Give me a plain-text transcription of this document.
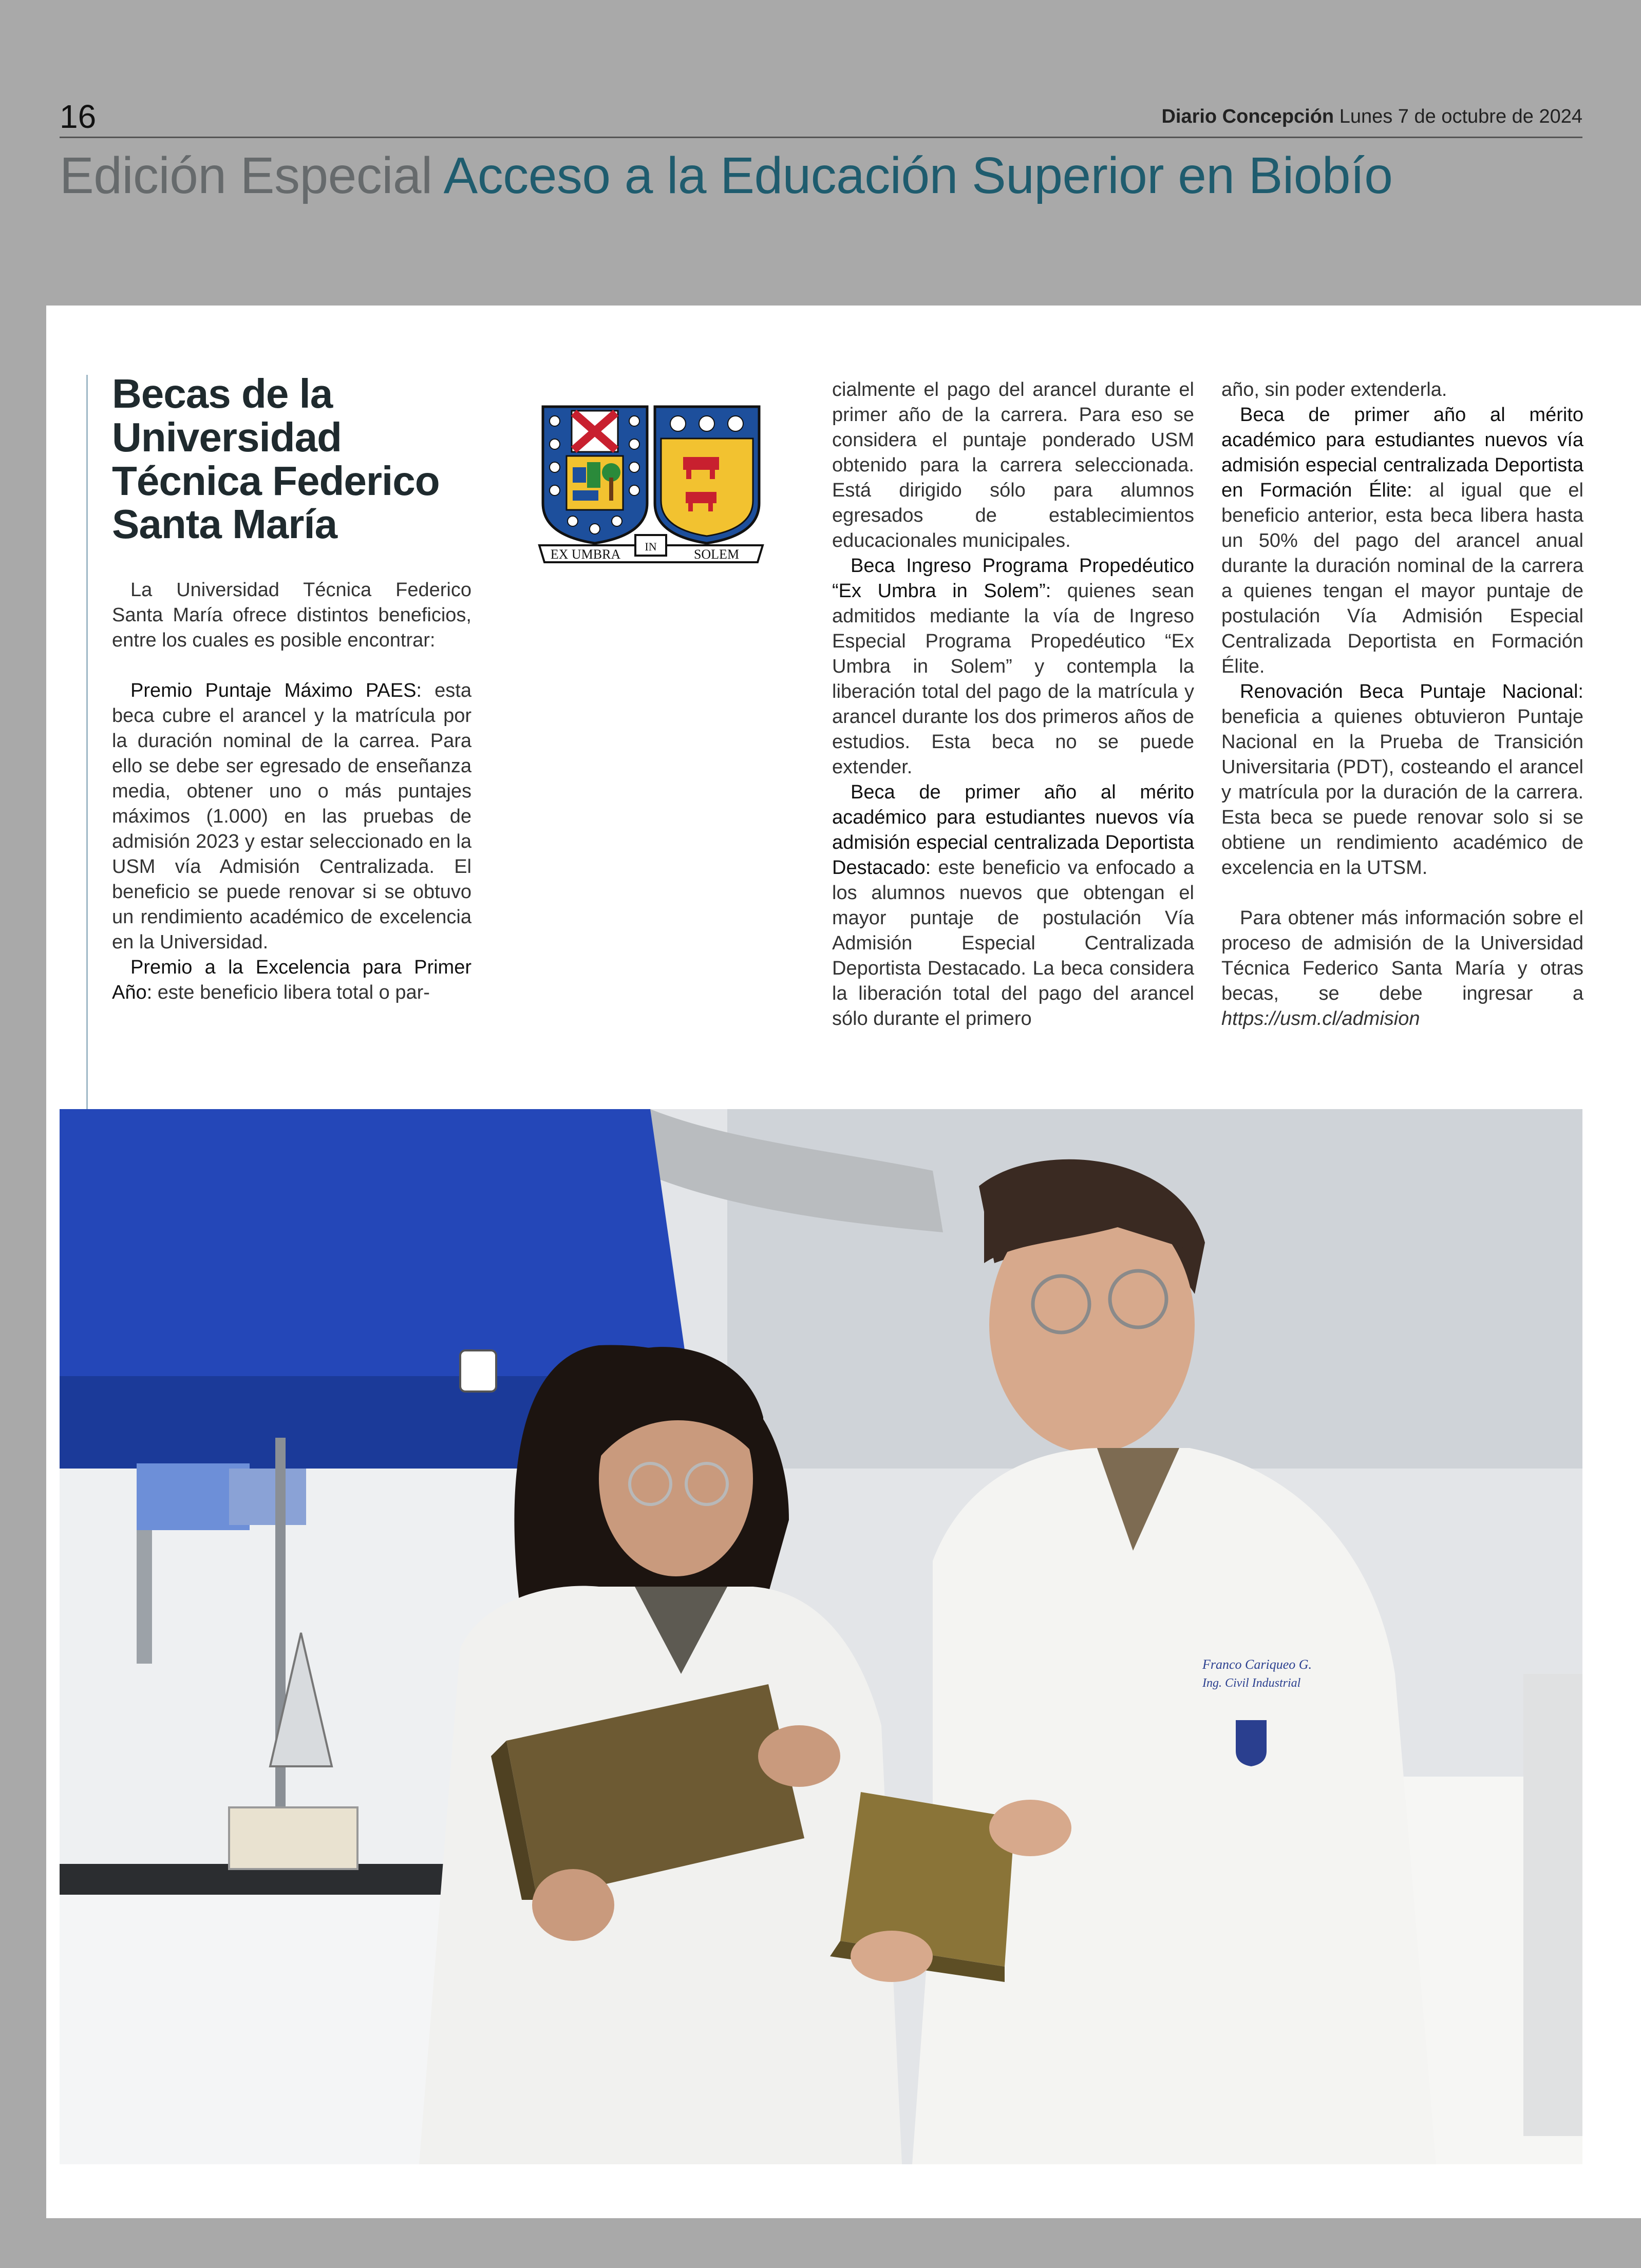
16	Diario Concepción Lunes 7 de octubre de 2024
Edición Especial Acceso a la Educación Superior en Biobío
Becas de la Universidad Técnica Federico Santa María
EX UMBRA
IN
SOLEM

La Universidad Técnica Federico Santa María ofrece distintos beneficios, entre los cuales es posible encontrar:

Premio Puntaje Máximo PAES: esta beca cubre el arancel y la matrícula por la duración nominal de la carrea. Para ello se debe ser egresado de enseñanza media, obtener uno o más puntajes máximos (1.000) en las pruebas de admisión 2023 y estar seleccionado en la USM vía Admisión Centralizada. El beneficio se puede renovar si se obtuvo un rendimiento académico de excelencia en la Universidad.

Premio a la Excelencia para Primer Año: este beneficio libera total o par-

cialmente el pago del arancel durante el primer año de la carrera. Para eso se considera el puntaje ponderado USM obtenido para la carrera seleccionada. Está dirigido sólo para alumnos egresados de establecimientos educacionales municipales.

Beca Ingreso Programa Propedéutico “Ex Umbra in Solem”: quienes sean admitidos mediante la vía de Ingreso Especial Programa Propedéutico “Ex Umbra in Solem” y contempla la liberación total del pago de la matrícula y arancel durante los dos primeros años de estudios. Esta beca no se puede extender.

Beca de primer año al mérito académico para estudiantes nuevos vía admisión especial centralizada Deportista Destacado: este beneficio va enfocado a los alumnos nuevos que obtengan el mayor puntaje de postulación Vía Admisión Especial Centralizada Deportista Destacado. La beca considera la liberación total del pago del arancel sólo durante el primero

año, sin poder extenderla.

Beca de primer año al mérito académico para estudiantes nuevos vía admisión especial centralizada Deportista en Formación Élite: al igual que el beneficio anterior, esta beca libera hasta un 50% del pago del arancel anual durante la duración nominal de la carrera a quienes tengan el mayor puntaje de postulación Vía Admisión Especial Centralizada Deportista en Formación Élite.

Renovación Beca Puntaje Nacional: beneficia a quienes obtuvieron Puntaje Nacional en la Prueba de Transición Universitaria (PDT), costeando el arancel y matrícula por la duración de la carrera. Esta beca se puede renovar solo si se obtiene un rendimiento académico de excelencia en la UTSM.

Para obtener más información sobre el proceso de admisión de la Universidad Técnica Federico Santa María y otras becas, se debe ingresar a https://usm.cl/admision

Franco Cariqueo G.
Ing. Civil Industrial
